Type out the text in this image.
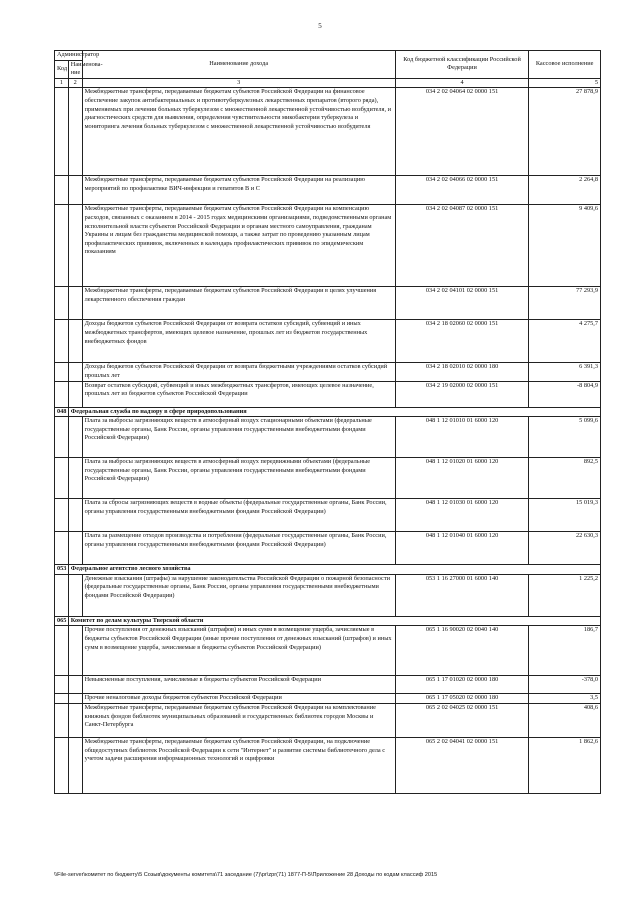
5
Администратор		Наименование дохода	Код бюджетной классификации Российской Федерации	Кассовое исполнение
Код	Наименова-ние			
1	2	3	4	5
		Межбюджетные трансферты, передаваемые бюджетам субъектов Российской Федерации на финансовое обеспечение закупок антибактериальных и противотуберкулезных лекарственных препаратов (второго ряда), применяемых при лечении больных туберкулезом с множественной лекарственной устойчивостью возбудителя, и диагностических средств для выявления, определения чувствительности микобактерии туберкулеза и мониторинга лечения больных туберкулезом с множественной лекарственной устойчивостью возбудителя	034 2 02 04064 02 0000 151	27 878,9
		Межбюджетные трансферты, передаваемые бюджетам субъектов Российской Федерации на реализацию мероприятий по профилактике ВИЧ-инфекции и гепатитов В и С	034 2 02 04066 02 0000 151	2 264,8
		Межбюджетные трансферты, передаваемые бюджетам субъектов Российской Федерации на компенсацию расходов, связанных с оказанием в 2014 - 2015 годах медицинскими организациями, подведомственными органам исполнительной власти субъектов Российской Федерации и органам местного самоуправления, гражданам Украины и лицам без гражданства медицинской помощи, а также затрат по проведению указанным лицам профилактических прививок, включенных в календарь профилактических прививок по эпидемическим показаниям	034 2 02 04087 02 0000 151	9 409,6
		Межбюджетные трансферты, передаваемые бюджетам субъектов Российской Федерации в целях улучшения лекарственного обеспечения граждан	034 2 02 04101 02 0000 151	77 293,9
		Доходы бюджетов субъектов Российской Федерации от возврата остатков субсидий, субвенций и иных межбюджетных трансфертов, имеющих целевое назначение, прошлых лет из бюджетов государственных внебюджетных фондов	034 2 18 02060 02 0000 151	4 275,7
		Доходы бюджетов субъектов Российской Федерации от возврата бюджетными учреждениями остатков субсидий прошлых лет	034 2 18 02010 02 0000 180	6 391,3
		Возврат остатков субсидий, субвенций и иных межбюджетных трансфертов, имеющих целевое назначение, прошлых лет из бюджетов субъектов Российской Федерации	034 2 19 02000 02 0000 151	-8 804,9
048	Федеральная служба по надзору в сфере природопользования			
		Плата за выбросы загрязняющих веществ в атмосферный воздух стационарными объектами (федеральные государственные органы, Банк России, органы управления государственными внебюджетными фондами Российской Федерации)	048 1 12 01010 01 6000 120	5 099,6
		Плата за выбросы загрязняющих веществ в атмосферный воздух передвижными объектами (федеральные государственные органы, Банк России, органы управления государственными внебюджетными фондами Российской Федерации)	048 1 12 01020 01 6000 120	892,5
		Плата за сбросы загрязняющих веществ в водные объекты (федеральные государственные органы, Банк России, органы управления государственными внебюджетными фондами Российской Федерации)	048 1 12 01030 01 6000 120	15 019,3
		Плата за размещение отходов производства и потребления (федеральные государственные органы, Банк России, органы управления государственными внебюджетными фондами Российской Федерации)	048 1 12 01040 01 6000 120	22 630,3
053	Федеральное агентство лесного хозяйства			
		Денежные взыскания (штрафы) за нарушение законодательства Российской Федерации о пожарной безопасности (федеральные государственные органы, Банк России, органы управления государственными внебюджетными фондами Российской Федерации)	053 1 16 27000 01 6000 140	1 225,2
065	Комитет по делам культуры Тверской области			
		Прочие поступления от денежных взысканий (штрафов) и иных сумм в возмещение ущерба, зачисляемые в бюджеты субъектов Российской Федерации (иные прочие поступления от денежных взысканий (штрафов) и иных сумм в возмещение ущерба, зачисляемые в бюджеты субъектов Российской Федерации)	065 1 16 90020 02 0040 140	186,7
		Невыясненные поступления, зачисляемые в бюджеты субъектов Российской Федерации	065 1 17 01020 02 0000 180	-378,0
		Прочие неналоговые доходы бюджетов субъектов Российской Федерации	065 1 17 05020 02 0000 180	3,5
		Межбюджетные трансферты, передаваемые бюджетам субъектов Российской Федерации на комплектование книжных фондов библиотек муниципальных образований и государственных библиотек городов Москвы и Санкт-Петербурга	065 2 02 04025 02 0000 151	408,6
		Межбюджетные трансферты, передаваемые бюджетам субъектов Российской Федерации, на подключение общедоступных библиотек Российской Федерации к сети "Интернет" и развитие системы библиотечного дела с учетом задачи расширения информационных технологий и оцифровки	065 2 02 04041 02 0000 151	1 862,6
\\File-server\комитет по бюджету\5 Созыв\документы комитета\71 заседание (7)\pr\zpr(71) 1877-П-5\Приложение 28 Доходы по кодам классиф 2015
